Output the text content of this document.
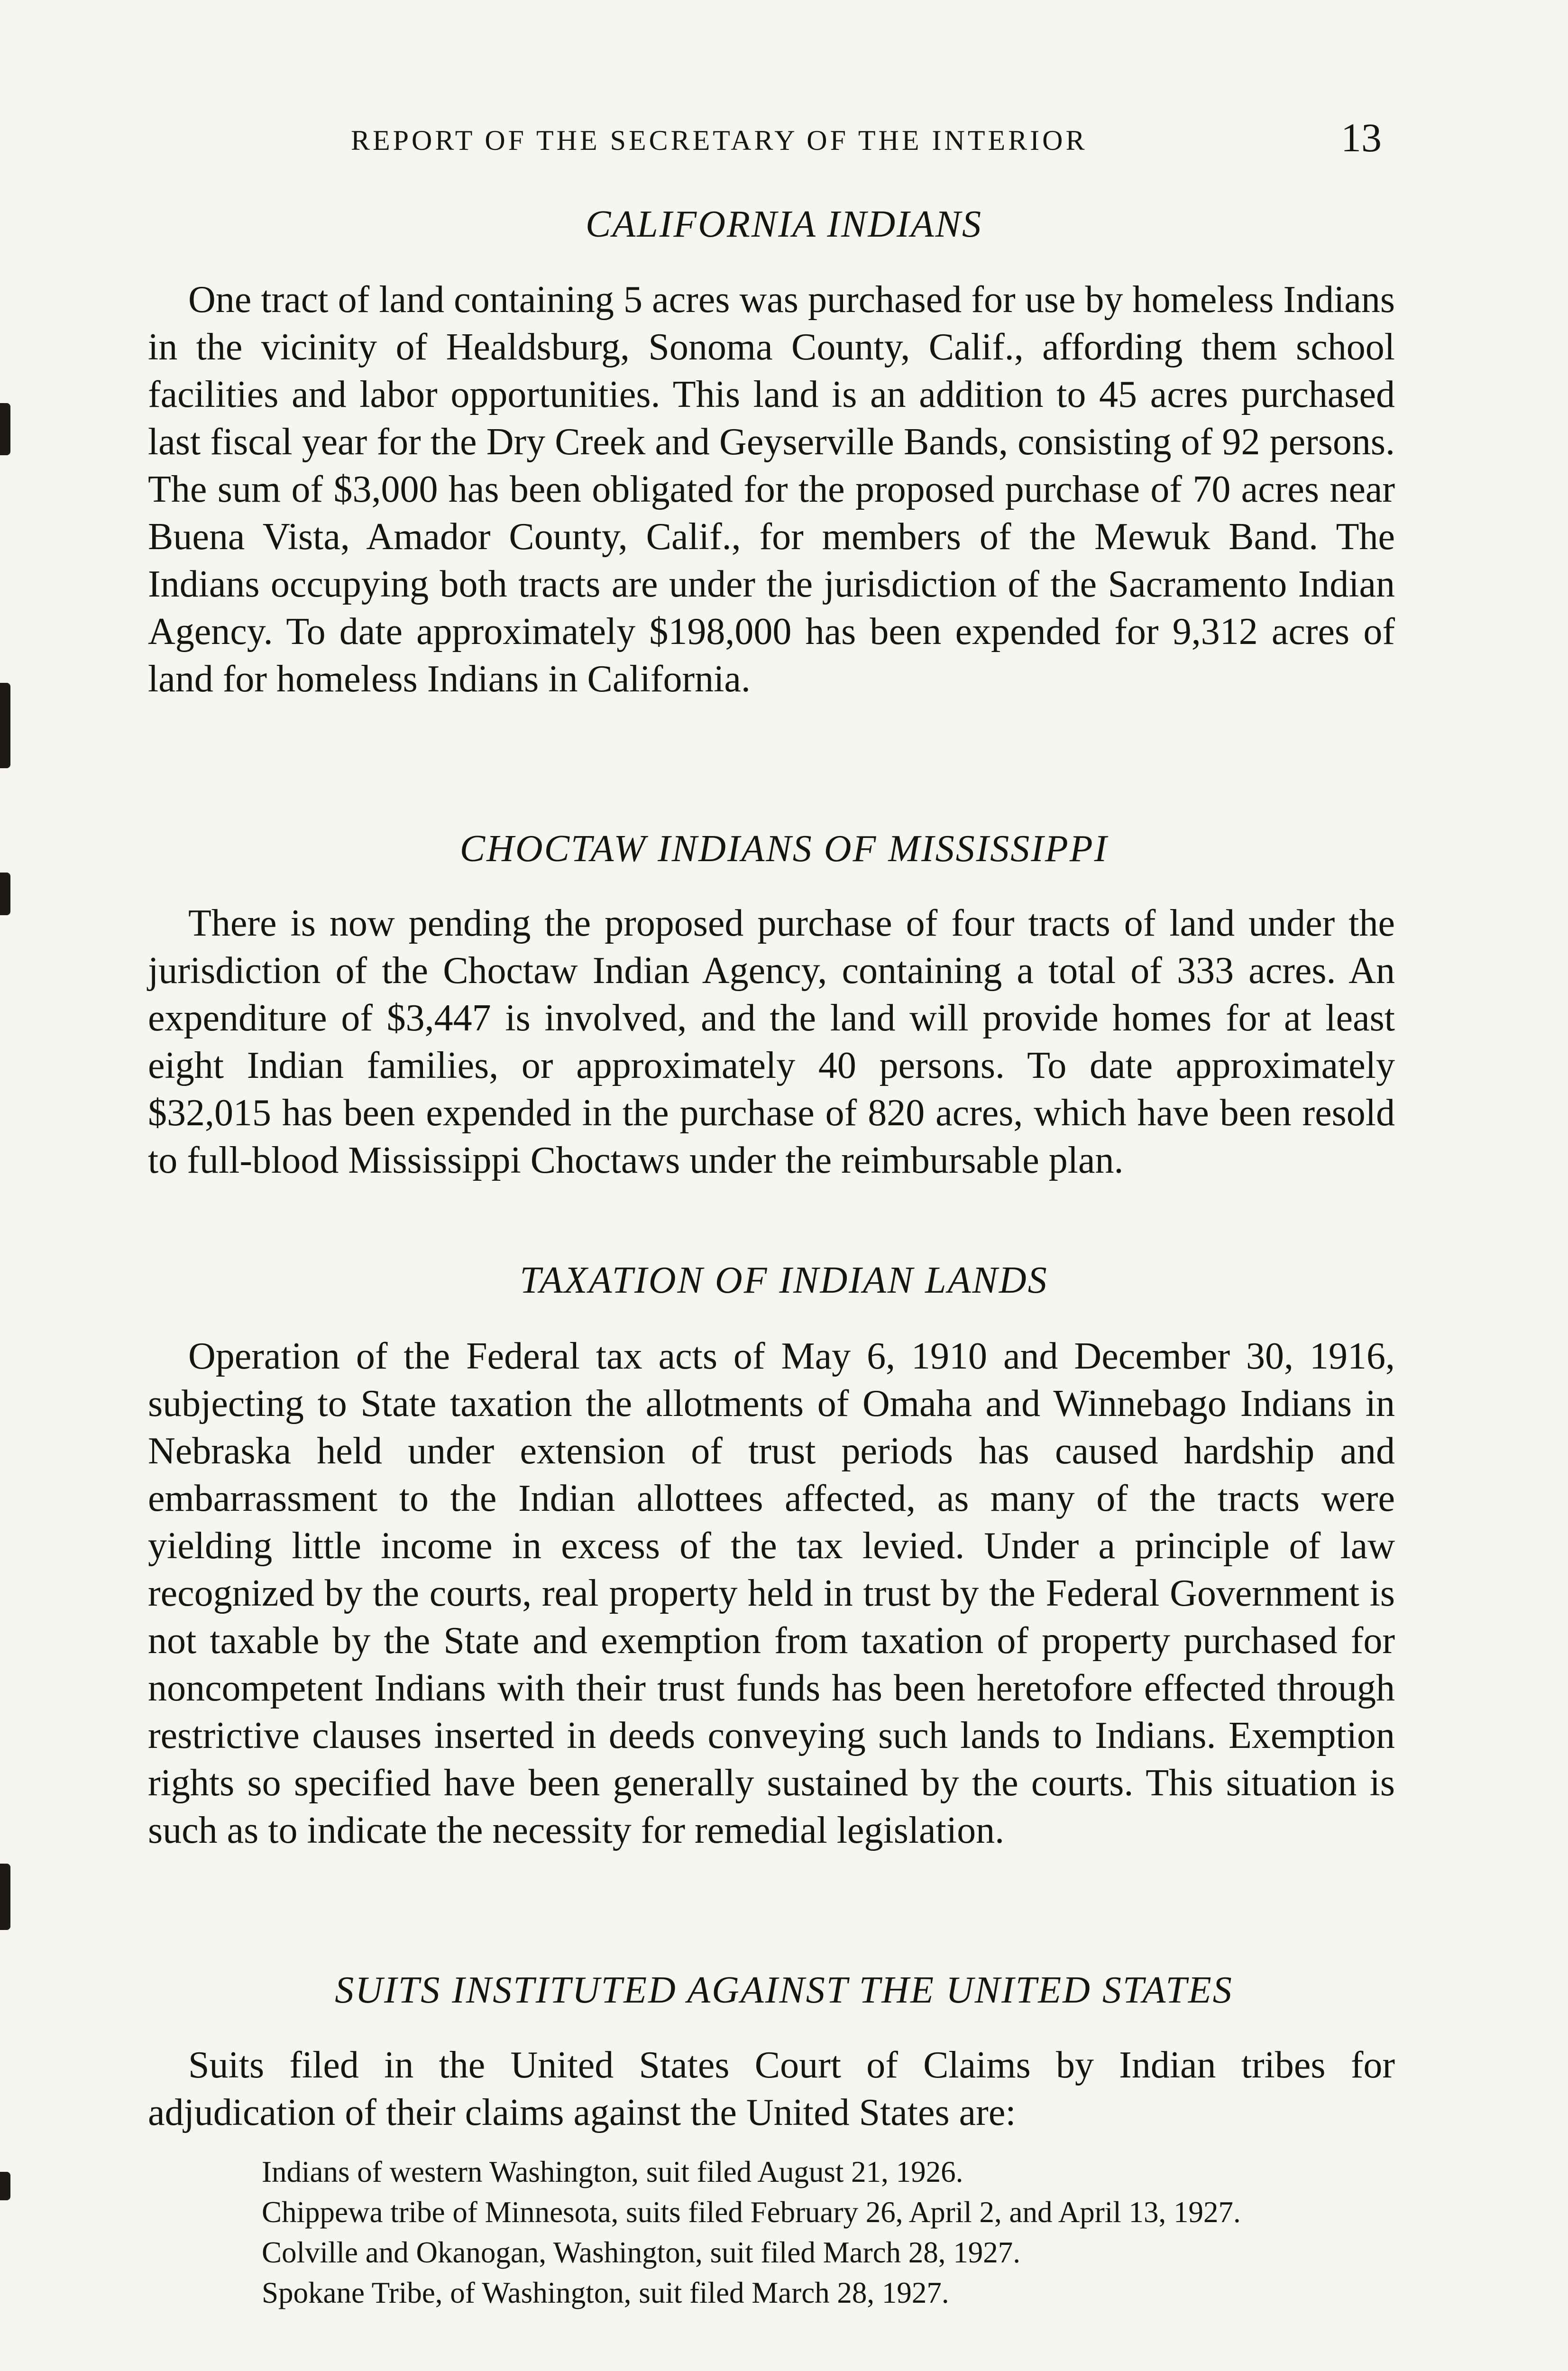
REPORT OF THE SECRETARY OF THE INTERIOR	13
CALIFORNIA INDIANS

One tract of land containing 5 acres was purchased for use by homeless Indians in the vicinity of Healdsburg, Sonoma County, Calif., affording them school facilities and labor opportunities. This land is an addition to 45 acres purchased last fiscal year for the Dry Creek and Geyserville Bands, consisting of 92 persons. The sum of $3,000 has been obligated for the proposed purchase of 70 acres near Buena Vista, Amador County, Calif., for members of the Mewuk Band. The Indians occupying both tracts are under the jurisdiction of the Sacramento Indian Agency. To date approximately $198,000 has been expended for 9,312 acres of land for homeless Indians in California.

CHOCTAW INDIANS OF MISSISSIPPI

There is now pending the proposed purchase of four tracts of land under the jurisdiction of the Choctaw Indian Agency, containing a total of 333 acres. An expenditure of $3,447 is involved, and the land will provide homes for at least eight Indian families, or approximately 40 persons. To date approximately $32,015 has been expended in the purchase of 820 acres, which have been resold to full-blood Mississippi Choctaws under the reimbursable plan.

TAXATION OF INDIAN LANDS

Operation of the Federal tax acts of May 6, 1910 and December 30, 1916, subjecting to State taxation the allotments of Omaha and Winnebago Indians in Nebraska held under extension of trust periods has caused hardship and embarrassment to the Indian allottees affected, as many of the tracts were yielding little income in excess of the tax levied. Under a principle of law recognized by the courts, real property held in trust by the Federal Government is not taxable by the State and exemption from taxation of property purchased for noncompetent Indians with their trust funds has been heretofore effected through restrictive clauses inserted in deeds conveying such lands to Indians. Exemption rights so specified have been generally sustained by the courts. This situation is such as to indicate the necessity for remedial legislation.

SUITS INSTITUTED AGAINST THE UNITED STATES

Suits filed in the United States Court of Claims by Indian tribes for adjudication of their claims against the United States are:

Indians of western Washington, suit filed August 21, 1926.
Chippewa tribe of Minnesota, suits filed February 26, April 2, and April 13, 1927.
Colville and Okanogan, Washington, suit filed March 28, 1927.
Spokane Tribe, of Washington, suit filed March 28, 1927.
